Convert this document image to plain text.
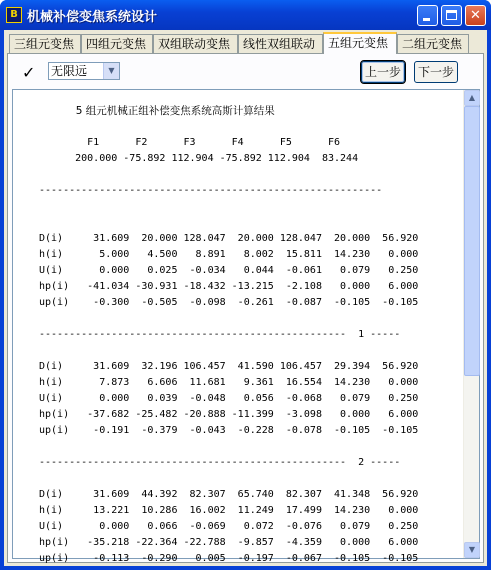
B 机械补偿变焦系统设计	✕
三组元变焦 四组元变焦 双组联动变焦	线性双组联动	五组元变焦	二组元变焦
✓ 无限远	▼	上一步	下一步
5 组元机械正组补偿变焦系统高斯计算结果
F1      F2      F3      F4      F5      F6
200.000 -75.892 112.904 -75.892 112.904  83.244
---------------------------------------------------------
D(i)     31.609  20.000 128.047  20.000 128.047  20.000  56.920
h(i)      5.000   4.500   8.891   8.002  15.811  14.230   0.000
U(i)      0.000   0.025  -0.034   0.044  -0.061   0.079   0.250
hp(i)   -41.034 -30.931 -18.432 -13.215  -2.108   0.000   6.000
up(i)    -0.300  -0.505  -0.098  -0.261  -0.087  -0.105  -0.105
---------------------------------------------------  1 -----
D(i)     31.609  32.196 106.457  41.590 106.457  29.394  56.920
h(i)      7.873   6.606  11.681   9.361  16.554  14.230   0.000
U(i)      0.000   0.039  -0.048   0.056  -0.068   0.079   0.250
hp(i)   -37.682 -25.482 -20.888 -11.399  -3.098   0.000   6.000
up(i)    -0.191  -0.379  -0.043  -0.228  -0.078  -0.105  -0.105
---------------------------------------------------  2 -----
D(i)     31.609  44.392  82.307  65.740  82.307  41.348  56.920
h(i)     13.221  10.286  16.002  11.249  17.499  14.230   0.000
U(i)      0.000   0.066  -0.069   0.072  -0.076   0.079   0.250
hp(i)   -35.218 -22.364 -22.788  -9.857  -4.359   0.000   6.000
up(i)    -0.113  -0.290   0.005  -0.197  -0.067  -0.105  -0.105
▲
▼
